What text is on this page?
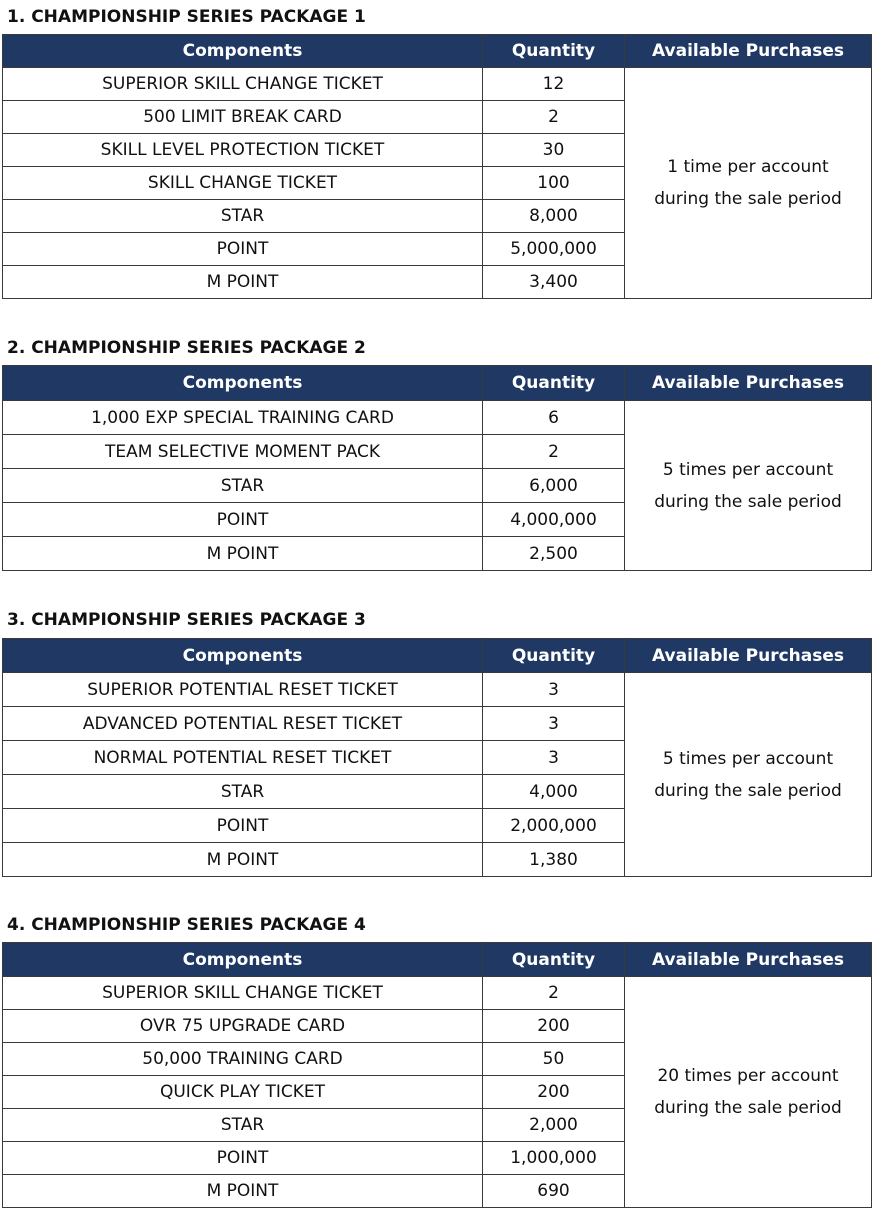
1. CHAMPIONSHIP SERIES PACKAGE 1
Components	Quantity	Available Purchases
SUPERIOR SKILL CHANGE TICKET	12	1 time per account
during the sale period

500 LIMIT BREAK CARD	2	
SKILL LEVEL PROTECTION TICKET	30	
SKILL CHANGE TICKET	100	
STAR	8,000	
POINT	5,000,000	
M POINT	3,400	
2. CHAMPIONSHIP SERIES PACKAGE 2
Components	Quantity	Available Purchases
1,000 EXP SPECIAL TRAINING CARD	6	5 times per account
during the sale period

TEAM SELECTIVE MOMENT PACK	2	
STAR	6,000	
POINT	4,000,000	
M POINT	2,500	
3. CHAMPIONSHIP SERIES PACKAGE 3
Components	Quantity	Available Purchases
SUPERIOR POTENTIAL RESET TICKET	3	5 times per account
during the sale period

ADVANCED POTENTIAL RESET TICKET	3	
NORMAL POTENTIAL RESET TICKET	3	
STAR	4,000	
POINT	2,000,000	
M POINT	1,380	
4. CHAMPIONSHIP SERIES PACKAGE 4
Components	Quantity	Available Purchases
SUPERIOR SKILL CHANGE TICKET	2	20 times per account
during the sale period

OVR 75 UPGRADE CARD	200	
50,000 TRAINING CARD	50	
QUICK PLAY TICKET	200	
STAR	2,000	
POINT	1,000,000	
M POINT	690	
